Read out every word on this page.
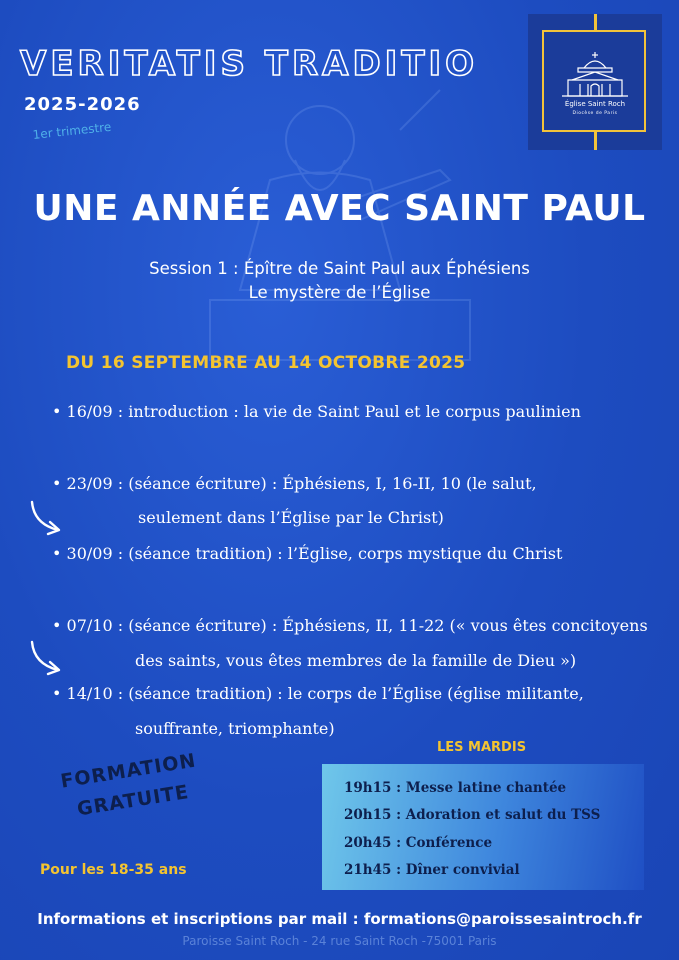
VERITATIS TRADITIO
2025-2026
1er trimestre
Église Saint Roch
Diocèse de Paris
UNE ANNÉE AVEC SAINT PAUL
Session 1 : Épître de Saint Paul aux Éphésiens
Le mystère de l’Église
DU 16 SEPTEMBRE AU 14 OCTOBRE 2025
• 16/09 : introduction : la vie de Saint Paul et le corpus paulinien
• 23/09 : (séance écriture) : Éphésiens, I, 16-II, 10 (le salut,
seulement dans l’Église par le Christ)
• 30/09 : (séance tradition) : l’Église, corps mystique du Christ
• 07/10 : (séance écriture) : Éphésiens, II, 11-22 (« vous êtes concitoyens
des saints, vous êtes membres de la famille de Dieu »)
• 14/10 : (séance tradition) : le corps de l’Église (église militante,
souffrante, triomphante)
LES MARDIS
19h15 : Messe latine chantée
20h15 : Adoration et salut du TSS
20h45 : Conférence
21h45 : Dîner convivial
FORMATION
GRATUITE
Pour les 18-35 ans
Informations et inscriptions par mail : formations@paroissesaintroch.fr
Paroisse Saint Roch - 24 rue Saint Roch -75001 Paris
